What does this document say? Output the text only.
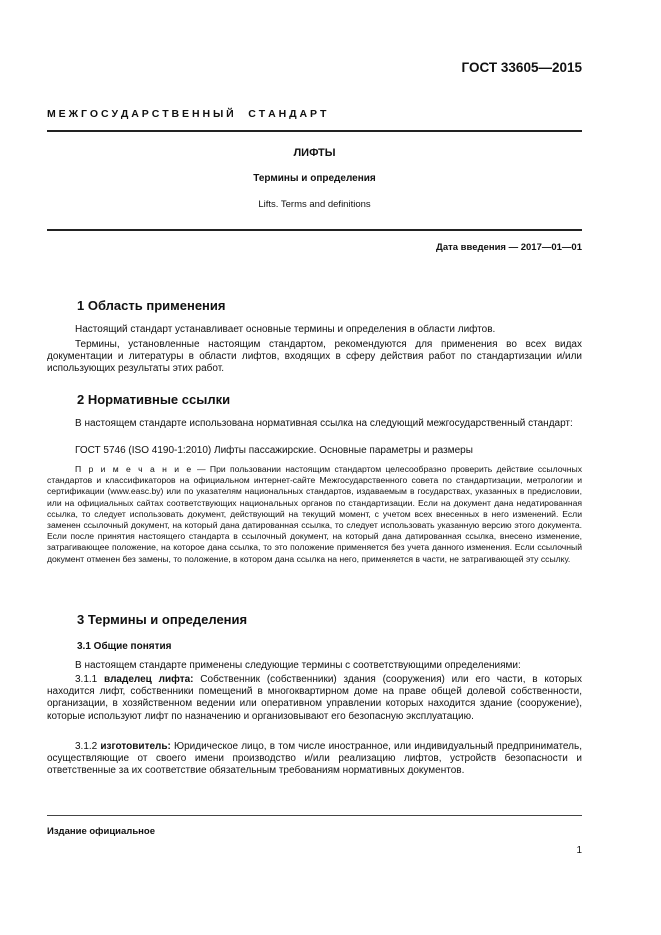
ГОСТ 33605—2015
М Е Ж Г О С У Д А Р С Т В Е Н Н Ы Й     С Т А Н Д А Р Т
ЛИФТЫ
Термины и определения
Lifts. Terms and definitions
Дата введения — 2017—01—01
1 Область применения
Настоящий стандарт устанавливает основные термины и определения в области лифтов.
Термины, установленные настоящим стандартом, рекомендуются для применения во всех видах документации и литературы в области лифтов, входящих в сферу действия работ по стандартизации и/или использующих результаты этих работ.
2 Нормативные ссылки
В настоящем стандарте использована нормативная ссылка на следующий межгосударственный стандарт:
ГОСТ 5746 (ISO 4190-1:2010) Лифты пассажирские. Основные параметры и размеры
П р и м е ч а н и е — При пользовании настоящим стандартом целесообразно проверить действие ссылочных стандартов и классификаторов на официальном интернет-сайте Межгосударственного совета по стандартизации, метрологии и сертификации (www.easc.by) или по указателям национальных стандартов, издаваемым в государствах, указанных в предисловии, или на официальных сайтах соответствующих национальных органов по стандартизации. Если на документ дана недатированная ссылка, то следует использовать документ, действующий на текущий момент, с учетом всех внесенных в него изменений. Если заменен ссылочный документ, на который дана датированная ссылка, то следует использовать указанную версию этого документа. Если после принятия настоящего стандарта в ссылочный документ, на который дана датированная ссылка, внесено изменение, затрагивающее положение, на которое дана ссылка, то это положение применяется без учета данного изменения. Если ссылочный документ отменен без замены, то положение, в котором дана ссылка на него, применяется в части, не затрагивающей эту ссылку.
3 Термины и определения
3.1 Общие понятия
В настоящем стандарте применены следующие термины с соответствующими определениями:
3.1.1 владелец лифта: Собственник (собственники) здания (сооружения) или его части, в которых находится лифт, собственники помещений в многоквартирном доме на праве общей долевой собственности, организации, в хозяйственном ведении или оперативном управлении которых находится здание (сооружение), которые используют лифт по назначению и организовывают его безопасную эксплуатацию.
3.1.2 изготовитель: Юридическое лицо, в том числе иностранное, или индивидуальный предприниматель, осуществляющие от своего имени производство и/или реализацию лифтов, устройств безопасности и ответственные за их соответствие обязательным требованиям нормативных документов.
Издание официальное
1
